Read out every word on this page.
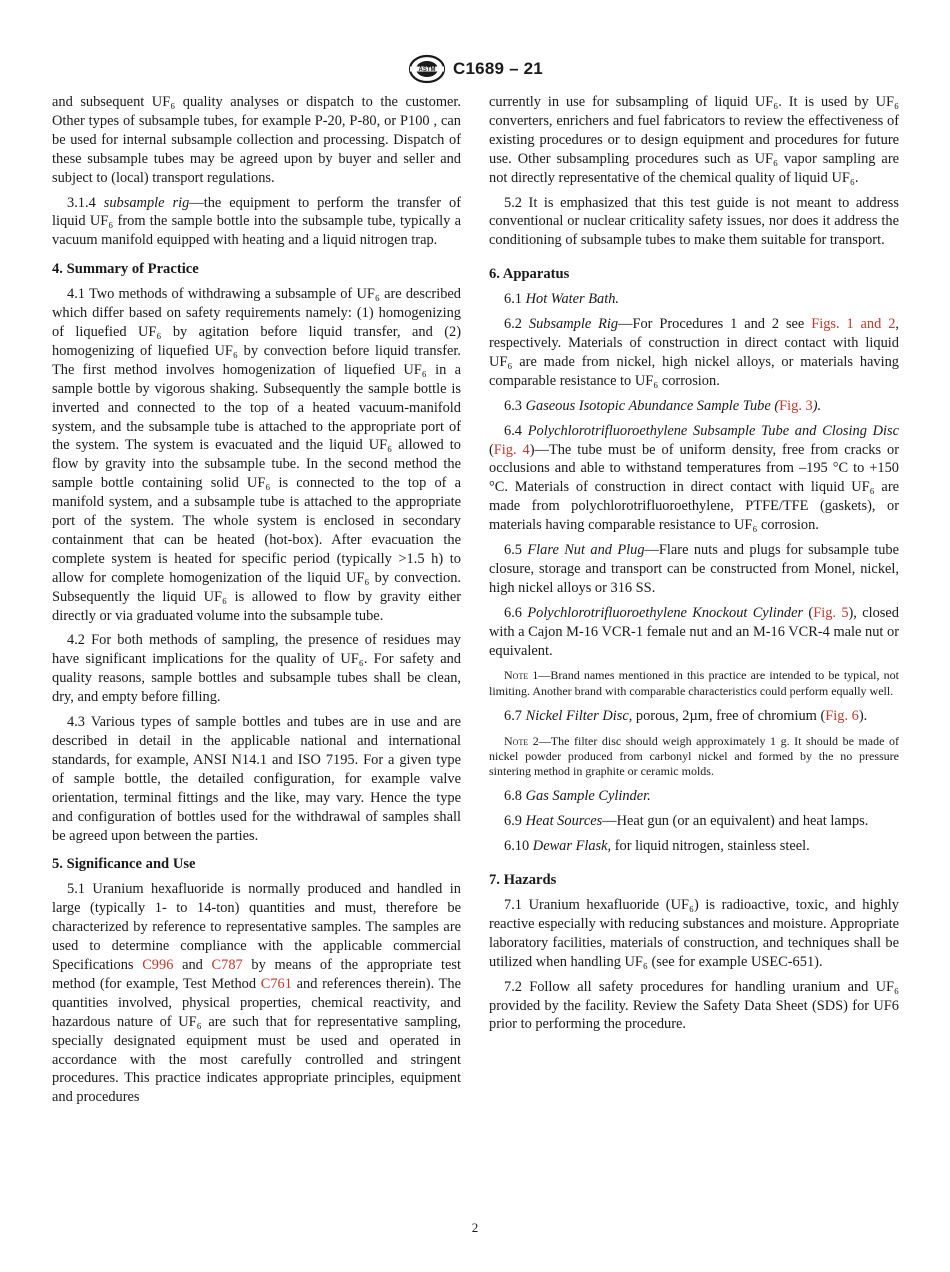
ASTM C1689 – 21

and subsequent UF₆ quality analyses or dispatch to the customer. Other types of subsample tubes, for example P-20, P-80, or P100 , can be used for internal subsample collection and processing. Dispatch of these subsample tubes may be agreed upon by buyer and seller and subject to (local) transport regulations.

3.1.4 subsample rig—the equipment to perform the transfer of liquid UF₆ from the sample bottle into the subsample tube, typically a vacuum manifold equipped with heating and a liquid nitrogen trap.

4. Summary of Practice

4.1 Two methods of withdrawing a subsample of UF₆ are described which differ based on safety requirements namely: (1) homogenizing of liquefied UF₆ by agitation before liquid transfer, and (2) homogenizing of liquefied UF₆ by convection before liquid transfer. The first method involves homogenization of liquefied UF₆ in a sample bottle by vigorous shaking. Subsequently the sample bottle is inverted and connected to the top of a heated vacuum-manifold system, and the subsample tube is attached to the appropriate port of the system. The system is evacuated and the liquid UF₆ allowed to flow by gravity into the subsample tube. In the second method the sample bottle containing solid UF₆ is connected to the top of a manifold system, and a subsample tube is attached to the appropriate port of the system. The whole system is enclosed in secondary containment that can be heated (hot-box). After evacuation the complete system is heated for specific period (typically >1.5 h) to allow for complete homogenization of the liquid UF₆ by convection. Subsequently the liquid UF₆ is allowed to flow by gravity either directly or via graduated volume into the subsample tube.

4.2 For both methods of sampling, the presence of residues may have significant implications for the quality of UF₆. For safety and quality reasons, sample bottles and subsample tubes shall be clean, dry, and empty before filling.

4.3 Various types of sample bottles and tubes are in use and are described in detail in the applicable national and international standards, for example, ANSI N14.1 and ISO 7195. For a given type of sample bottle, the detailed configuration, for example valve orientation, terminal fittings and the like, may vary. Hence the type and configuration of bottles used for the withdrawal of samples shall be agreed upon between the parties.

5. Significance and Use

5.1 Uranium hexafluoride is normally produced and handled in large (typically 1- to 14-ton) quantities and must, therefore be characterized by reference to representative samples. The samples are used to determine compliance with the applicable commercial Specifications C996 and C787 by means of the appropriate test method (for example, Test Method C761 and references therein). The quantities involved, physical properties, chemical reactivity, and hazardous nature of UF₆ are such that for representative sampling, specially designated equipment must be used and operated in accordance with the most carefully controlled and stringent procedures. This practice indicates appropriate principles, equipment and procedures

currently in use for subsampling of liquid UF₆. It is used by UF₆ converters, enrichers and fuel fabricators to review the effectiveness of existing procedures or to design equipment and procedures for future use. Other subsampling procedures such as UF₆ vapor sampling are not directly representative of the chemical quality of liquid UF₆.

5.2 It is emphasized that this test guide is not meant to address conventional or nuclear criticality safety issues, nor does it address the conditioning of subsample tubes to make them suitable for transport.

6. Apparatus

6.1 Hot Water Bath.

6.2 Subsample Rig—For Procedures 1 and 2 see Figs. 1 and 2, respectively. Materials of construction in direct contact with liquid UF₆ are made from nickel, high nickel alloys, or materials having comparable resistance to UF₆ corrosion.

6.3 Gaseous Isotopic Abundance Sample Tube (Fig. 3).

6.4 Polychlorotrifluoroethylene Subsample Tube and Closing Disc (Fig. 4)—The tube must be of uniform density, free from cracks or occlusions and able to withstand temperatures from –195 °C to +150 °C. Materials of construction in direct contact with liquid UF₆ are made from polychlorotrifluoroethylene, PTFE/TFE (gaskets), or materials having comparable resistance to UF₆ corrosion.

6.5 Flare Nut and Plug—Flare nuts and plugs for subsample tube closure, storage and transport can be constructed from Monel, nickel, high nickel alloys or 316 SS.

6.6 Polychlorotrifluoroethylene Knockout Cylinder (Fig. 5), closed with a Cajon M-16 VCR-1 female nut and an M-16 VCR-4 male nut or equivalent.

Note 1—Brand names mentioned in this practice are intended to be typical, not limiting. Another brand with comparable characteristics could perform equally well.

6.7 Nickel Filter Disc, porous, 2µm, free of chromium (Fig. 6).

Note 2—The filter disc should weigh approximately 1 g. It should be made of nickel powder produced from carbonyl nickel and formed by the no pressure sintering method in graphite or ceramic molds.

6.8 Gas Sample Cylinder.

6.9 Heat Sources—Heat gun (or an equivalent) and heat lamps.

6.10 Dewar Flask, for liquid nitrogen, stainless steel.

7. Hazards

7.1 Uranium hexafluoride (UF₆) is radioactive, toxic, and highly reactive especially with reducing substances and moisture. Appropriate laboratory facilities, materials of construction, and techniques shall be utilized when handling UF₆ (see for example USEC-651).

7.2 Follow all safety procedures for handling uranium and UF₆ provided by the facility. Review the Safety Data Sheet (SDS) for UF6 prior to performing the procedure.

2
